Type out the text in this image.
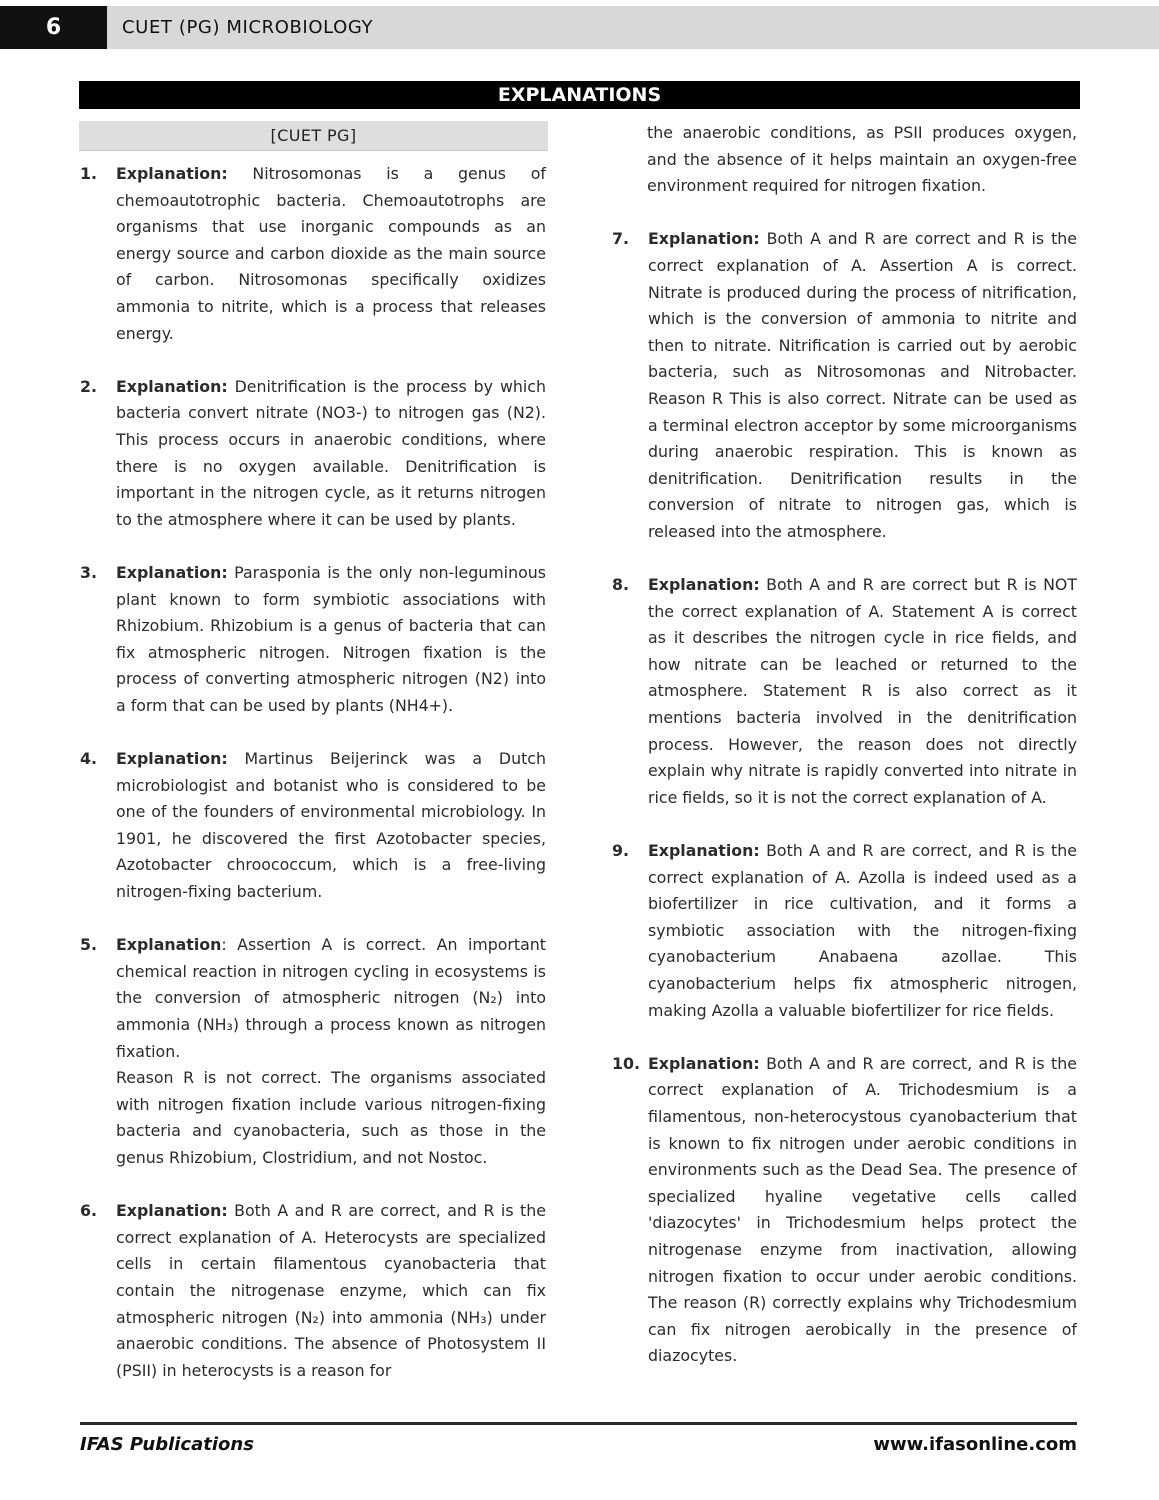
6	CUET (PG) MICROBIOLOGY
EXPLANATIONS
[CUET PG]
1. Explanation: Nitrosomonas is a genus of chemoautotrophic bacteria. Chemoautotrophs are organisms that use inorganic compounds as an energy source and carbon dioxide as the main source of carbon. Nitrosomonas specifically oxidizes ammonia to nitrite, which is a process that releases energy.
2. Explanation: Denitrification is the process by which bacteria convert nitrate (NO3-) to nitrogen gas (N2). This process occurs in anaerobic conditions, where there is no oxygen available. Denitrification is important in the nitrogen cycle, as it returns nitrogen to the atmosphere where it can be used by plants.
3. Explanation: Parasponia is the only non-leguminous plant known to form symbiotic associations with Rhizobium. Rhizobium is a genus of bacteria that can fix atmospheric nitrogen. Nitrogen fixation is the process of converting atmospheric nitrogen (N2) into a form that can be used by plants (NH4+).
4. Explanation: Martinus Beijerinck was a Dutch microbiologist and botanist who is considered to be one of the founders of environmental microbiology. In 1901, he discovered the first Azotobacter species, Azotobacter chroococcum, which is a free-living nitrogen-fixing bacterium.
5. Explanation: Assertion A is correct. An important chemical reaction in nitrogen cycling in ecosystems is the conversion of atmospheric nitrogen (N₂) into ammonia (NH₃) through a process known as nitrogen fixation.
Reason R is not correct. The organisms associated with nitrogen fixation include various nitrogen-fixing bacteria and cyanobacteria, such as those in the genus Rhizobium, Clostridium, and not Nostoc.
6. Explanation: Both A and R are correct, and R is the correct explanation of A. Heterocysts are specialized cells in certain filamentous cyanobacteria that contain the nitrogenase enzyme, which can fix atmospheric nitrogen (N₂) into ammonia (NH₃) under anaerobic conditions. The absence of Photosystem II (PSII) in heterocysts is a reason for
the anaerobic conditions, as PSII produces oxygen, and the absence of it helps maintain an oxygen-free environment required for nitrogen fixation.
7. Explanation: Both A and R are correct and R is the correct explanation of A. Assertion A is correct. Nitrate is produced during the process of nitrification, which is the conversion of ammonia to nitrite and then to nitrate. Nitrification is carried out by aerobic bacteria, such as Nitrosomonas and Nitrobacter. Reason R This is also correct. Nitrate can be used as a terminal electron acceptor by some microorganisms during anaerobic respiration. This is known as denitrification. Denitrification results in the conversion of nitrate to nitrogen gas, which is released into the atmosphere.
8. Explanation: Both A and R are correct but R is NOT the correct explanation of A. Statement A is correct as it describes the nitrogen cycle in rice fields, and how nitrate can be leached or returned to the atmosphere. Statement R is also correct as it mentions bacteria involved in the denitrification process. However, the reason does not directly explain why nitrate is rapidly converted into nitrate in rice fields, so it is not the correct explanation of A.
9. Explanation: Both A and R are correct, and R is the correct explanation of A. Azolla is indeed used as a biofertilizer in rice cultivation, and it forms a symbiotic association with the nitrogen-fixing cyanobacterium Anabaena azollae. This cyanobacterium helps fix atmospheric nitrogen, making Azolla a valuable biofertilizer for rice fields.
10. Explanation: Both A and R are correct, and R is the correct explanation of A. Trichodesmium is a filamentous, non-heterocystous cyanobacterium that is known to fix nitrogen under aerobic conditions in environments such as the Dead Sea. The presence of specialized hyaline vegetative cells called 'diazocytes' in Trichodesmium helps protect the nitrogenase enzyme from inactivation, allowing nitrogen fixation to occur under aerobic conditions. The reason (R) correctly explains why Trichodesmium can fix nitrogen aerobically in the presence of diazocytes.
IFAS Publications	www.ifasonline.com
